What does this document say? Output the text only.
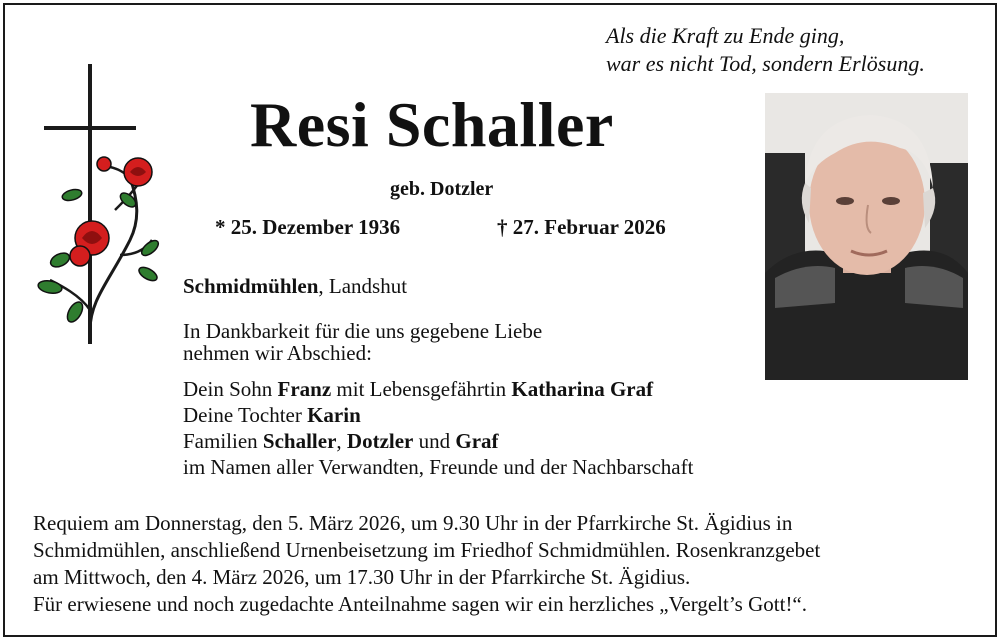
Als die Kraft zu Ende ging,
war es nicht Tod, sondern Erlösung.
Resi Schaller
geb. Dotzler
* 25. Dezember 1936	† 27. Februar 2026
Schmidmühlen, Landshut
In Dankbarkeit für die uns gegebene Liebe
nehmen wir Abschied:
Dein Sohn Franz mit Lebensgefährtin Katharina Graf
Deine Tochter Karin
Familien Schaller, Dotzler und Graf
im Namen aller Verwandten, Freunde und der Nachbarschaft
Requiem am Donnerstag, den 5. März 2026, um 9.30 Uhr in der Pfarrkirche St. Ägidius in
Schmidmühlen, anschließend Urnenbeisetzung im Friedhof Schmidmühlen. Rosenkranzgebet
am Mittwoch, den 4. März 2026, um 17.30 Uhr in der Pfarrkirche St. Ägidius.
Für erwiesene und noch zugedachte Anteilnahme sagen wir ein herzliches „Vergelt’s Gott!“.
